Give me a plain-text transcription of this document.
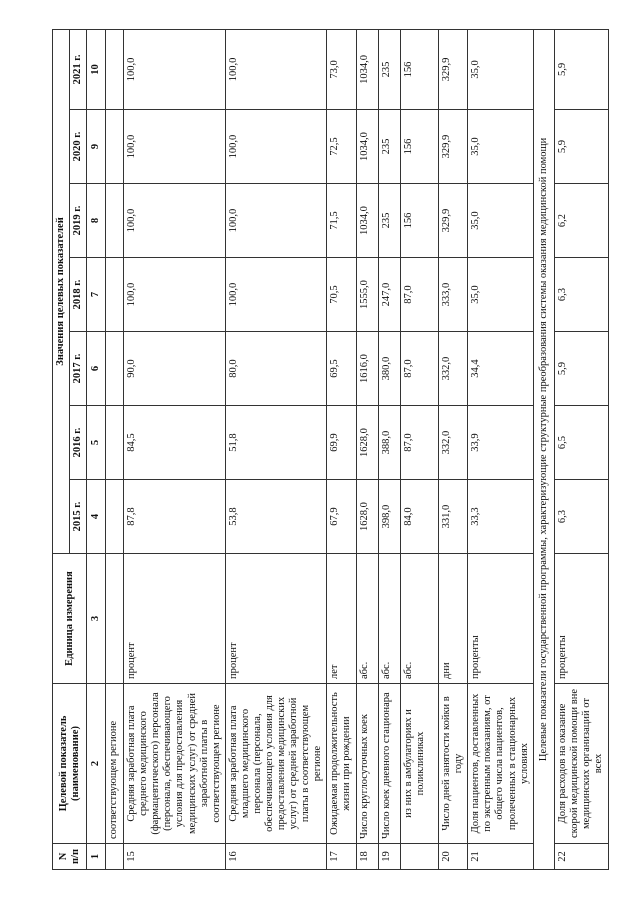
N п/п	Целевой показатель (наименование)	Единица измерения	Значения целевых показателей						
			2015 г.	2016 г.	2017 г.	2018 г.	2019 г.	2020 г.	2021 г.
1	2	3	4	5	6	7	8	9	10
	соответствующем регионе								
15	Средняя заработная плата среднего медицинского (фармацевтического) персонала (персонала, обеспечивающего условия для предоставления медицинских услуг) от средней заработной платы в соответствующем регионе	процент	87,8	84,5	90,0	100,0	100,0	100,0	100,0
16	Средняя заработная плата младшего медицинского персонала (персонала, обеспечивающего условия для предоставления медицинских услуг) от средней заработной платы в соответствующем регионе	процент	53,8	51,8	80,0	100,0	100,0	100,0	100,0
17	Ожидаемая продолжительность жизни при рождении	лет	67,9	69,9	69,5	70,5	71,5	72,5	73,0
18	Число круглосуточных коек	абс.	1628,0	1628,0	1616,0	1555,0	1034,0	1034,0	1034,0
19	Число коек дневного стационара	абс.	398,0	388,0	380,0	247,0	235	235	235
	из них в амбулаториях и поликлиниках	абс.	84,0	87,0	87,0	87,0	156	156	156
20	Число дней занятости койки в году	дни	331,0	332,0	332,0	333,0	329,9	329,9	329,9
21	Доля пациентов, доставленных по экстренным показаниям, от общего числа пациентов, пролеченных в стационарных условиях	проценты	33,3	33,9	34,4	35,0	35,0	35,0	35,0
Целевые показатели государственной программы, характеризующие структурные преобразования системы оказания медицинской помощи									
22	Доля расходов на оказание скорой медицинской помощи вне медицинских организаций от всех	проценты	6,3	6,5	5,9	6,3	6,2	5,9	5,9
